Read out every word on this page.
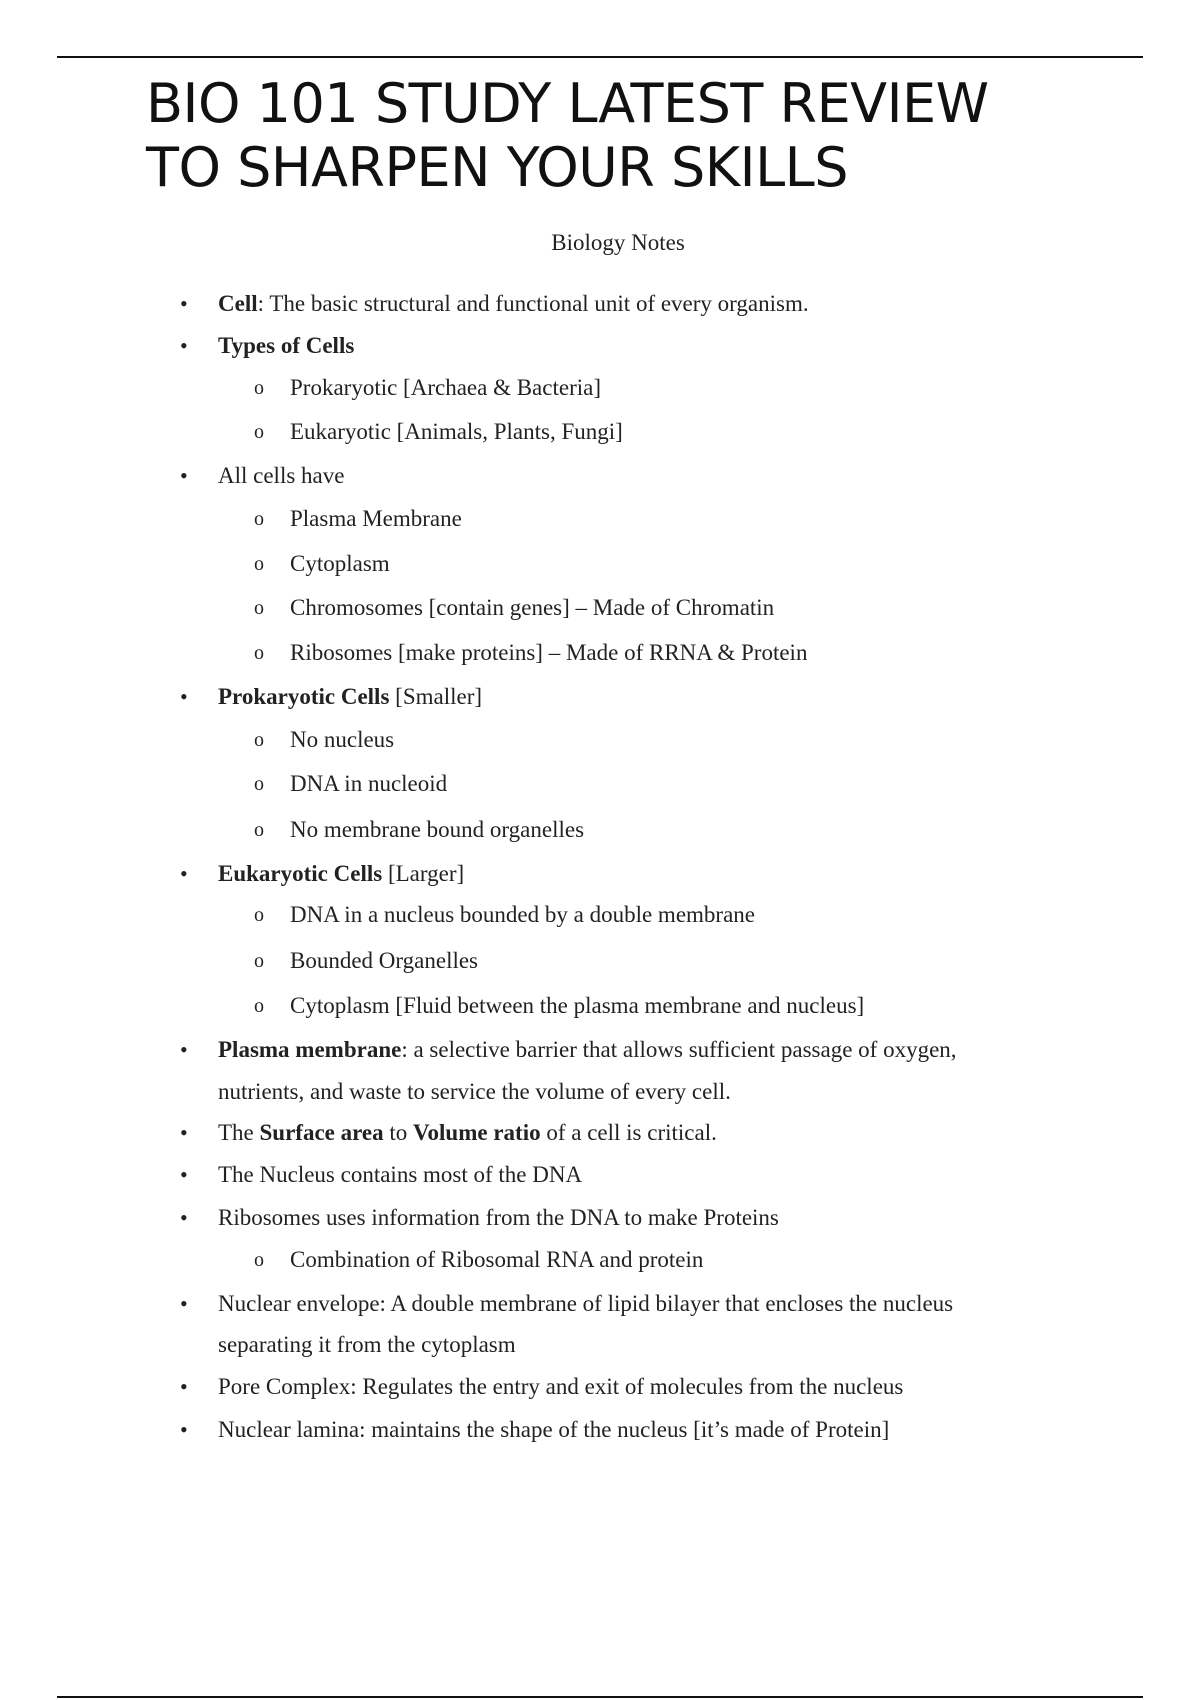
BIO 101 STUDY LATEST REVIEW
TO SHARPEN YOUR SKILLS
Biology Notes
• Cell: The basic structural and functional unit of every organism.
• Types of Cells
o Prokaryotic [Archaea & Bacteria]
o Eukaryotic [Animals, Plants, Fungi]
• All cells have
o Plasma Membrane
o Cytoplasm
o Chromosomes [contain genes] – Made of Chromatin
o Ribosomes [make proteins] – Made of RRNA & Protein
• Prokaryotic Cells [Smaller]
o No nucleus
o DNA in nucleoid
o No membrane bound organelles
• Eukaryotic Cells [Larger]
o DNA in a nucleus bounded by a double membrane
o Bounded Organelles
o Cytoplasm [Fluid between the plasma membrane and nucleus]
• Plasma membrane: a selective barrier that allows sufficient passage of oxygen,
nutrients, and waste to service the volume of every cell.
• The Surface area to Volume ratio of a cell is critical.
• The Nucleus contains most of the DNA
• Ribosomes uses information from the DNA to make Proteins
o Combination of Ribosomal RNA and protein
• Nuclear envelope: A double membrane of lipid bilayer that encloses the nucleus
separating it from the cytoplasm
• Pore Complex: Regulates the entry and exit of molecules from the nucleus
• Nuclear lamina: maintains the shape of the nucleus [it’s made of Protein]
